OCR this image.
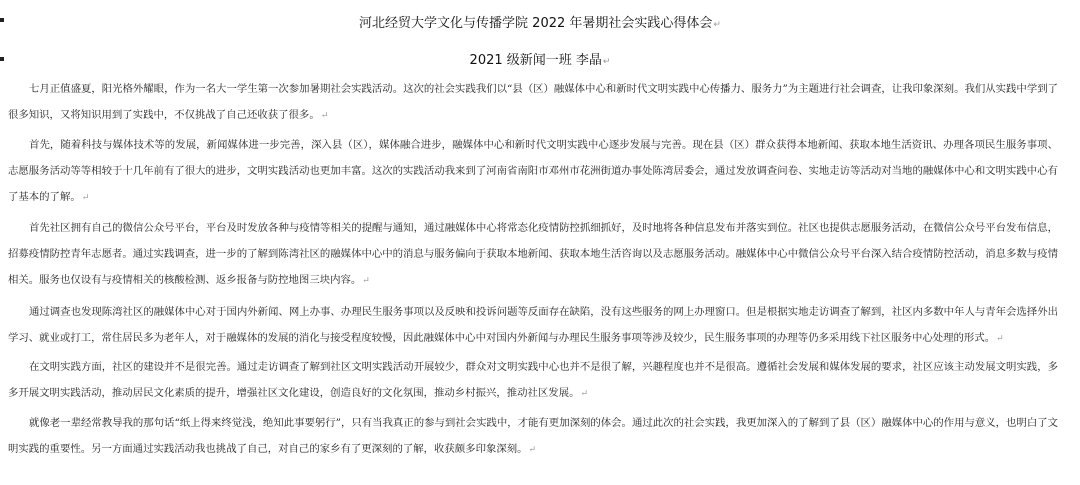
河北经贸大学文化与传播学院 2022 年暑期社会实践心得体会↵
2021 级新闻一班 李晶↵
七月正值盛夏，阳光格外耀眼，作为一名大一学生第一次参加暑期社会实践活动。这次的社会实践我们以“县（区）融媒体中心和新时代文明实践中心传播力、服务力”为主题进行社会调查，让我印象深刻。我们从实践中学到了很多知识，又将知识用到了实践中，不仅挑战了自己还收获了很多。↵
首先，随着科技与媒体技术等的发展，新闻媒体进一步完善，深入县（区），媒体融合进步，融媒体中心和新时代文明实践中心逐步发展与完善。现在县（区）群众获得本地新闻、获取本地生活资讯、办理各项民生服务事项、志愿服务活动等等相较于十几年前有了很大的进步，文明实践活动也更加丰富。这次的实践活动我来到了河南省南阳市邓州市花洲街道办事处陈湾居委会，通过发放调查问卷、实地走访等活动对当地的融媒体中心和文明实践中心有了基本的了解。↵
首先社区拥有自己的微信公众号平台，平台及时发放各种与疫情等相关的提醒与通知，通过融媒体中心将常态化疫情防控抓细抓好，及时地将各种信息发布并落实到位。社区也提供志愿服务活动，在微信公众号平台发布信息，招募疫情防控青年志愿者。通过实践调查，进一步的了解到陈湾社区的融媒体中心中的消息与服务偏向于获取本地新闻、获取本地生活咨询以及志愿服务活动。融媒体中心中微信公众号平台深入结合疫情防控活动，消息多数与疫情相关。服务也仅设有与疫情相关的核酸检测、返乡报备与防控地图三块内容。↵
通过调查也发现陈湾社区的融媒体中心对于国内外新闻、网上办事、办理民生服务事项以及反映和投诉问题等反面存在缺陷，没有这些服务的网上办理窗口。但是根据实地走访调查了解到，社区内多数中年人与青年会选择外出学习、就业或打工，常住居民多为老年人，对于融媒体的发展的消化与接受程度较慢，因此融媒体中心中对国内外新闻与办理民生服务事项等涉及较少，民生服务事项的办理等仍多采用线下社区服务中心处理的形式。↵
在文明实践方面，社区的建设并不是很完善。通过走访调查了解到社区文明实践活动开展较少，群众对文明实践中心也并不是很了解，兴趣程度也并不是很高。遵循社会发展和媒体发展的要求，社区应该主动发展文明实践，多多开展文明实践活动，推动居民文化素质的提升，增强社区文化建设，创造良好的文化氛围，推动乡村振兴，推动社区发展。↵
就像老一辈经常教导我的那句话“纸上得来终觉浅，绝知此事要躬行”，只有当我真正的参与到社会实践中，才能有更加深刻的体会。通过此次的社会实践，我更加深入的了解到了县（区）融媒体中心的作用与意义，也明白了文明实践的重要性。另一方面通过实践活动我也挑战了自己，对自己的家乡有了更深刻的了解，收获颇多印象深刻。↵
